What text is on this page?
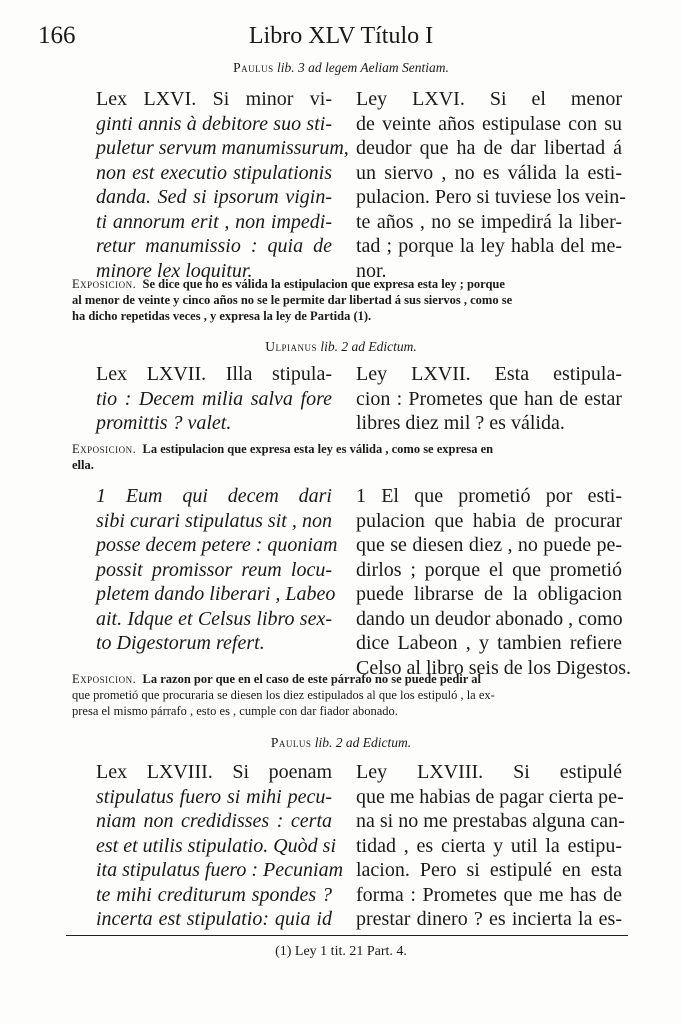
166	Libro XLV Título I
Paulus lib. 3 ad legem Aeliam Sentiam.
Lex LXVI. Si minor vi-
ginti annis à debitore suo sti-
puletur servum manumissurum,
non est executio stipulationis
danda. Sed si ipsorum vigin-
ti annorum erit , non impedi-
retur manumissio : quia de
minore lex loquitur.
Ley LXVI. Si el menor
de veinte años estipulase con su
deudor que ha de dar libertad á
un siervo , no es válida la esti-
pulacion. Pero si tuviese los vein-
te años , no se impedirá la liber-
tad ; porque la ley habla del me-
nor.
Exposicion. Se dice que no es válida la estipulacion que expresa esta ley ; porque
al menor de veinte y cinco años no se le permite dar libertad á sus siervos , como se
ha dicho repetidas veces , y expresa la ley de Partida (1).
Ulpianus lib. 2 ad Edictum.
Lex LXVII. Illa stipula-
tio : Decem milia salva fore
promittis ? valet.
Ley LXVII. Esta estipula-
cion : Prometes que han de estar
libres diez mil ? es válida.
Exposicion. La estipulacion que expresa esta ley es válida , como se expresa en
ella.
1 Eum qui decem dari
sibi curari stipulatus sit , non
posse decem petere : quoniam
possit promissor reum locu-
pletem dando liberari , Labeo
ait. Idque et Celsus libro sex-
to Digestorum refert.
1 El que prometió por esti-
pulacion que habia de procurar
que se diesen diez , no puede pe-
dirlos ; porque el que prometió
puede librarse de la obligacion
dando un deudor abonado , como
dice Labeon , y tambien refiere
Celso al libro seis de los Digestos.
Exposicion. La razon por que en el caso de este párrafo no se puede pedir al
que prometió que procuraria se diesen los diez estipulados al que los estipuló , la ex-
presa el mismo párrafo , esto es , cumple con dar fiador abonado.
Paulus lib. 2 ad Edictum.
Lex LXVIII. Si poenam
stipulatus fuero si mihi pecu-
niam non credidisses : certa
est et utilis stipulatio. Quòd si
ita stipulatus fuero : Pecuniam
te mihi crediturum spondes ?
incerta est stipulatio: quia id
Ley LXVIII. Si estipulé
que me habias de pagar cierta pe-
na si no me prestabas alguna can-
tidad , es cierta y util la estipu-
lacion. Pero si estipulé en esta
forma : Prometes que me has de
prestar dinero ? es incierta la es-
(1) Ley 1 tit. 21 Part. 4.
